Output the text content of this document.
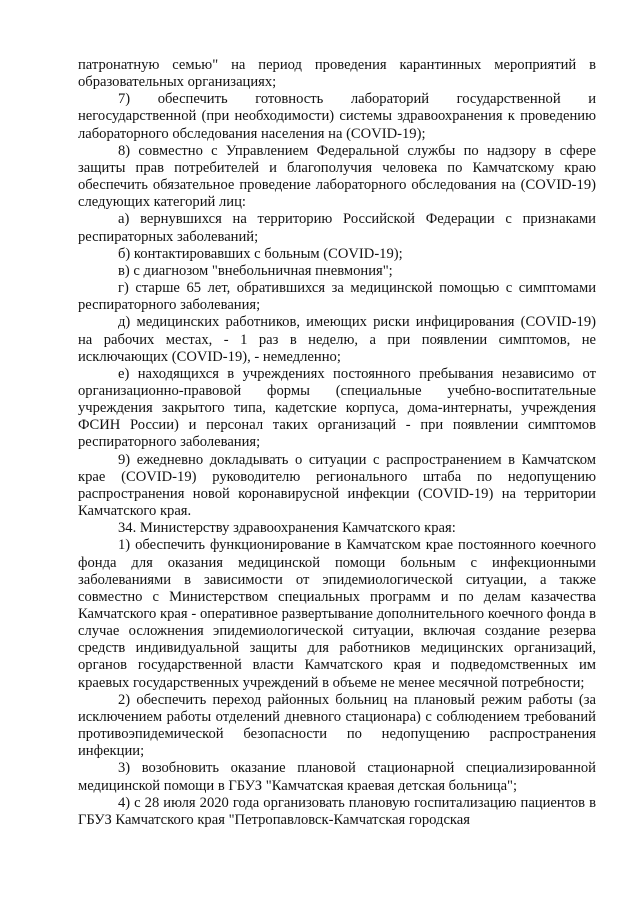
патронатную семью" на период проведения карантинных мероприятий в образовательных организациях;

7) обеспечить готовность лабораторий государственной и негосударственной (при необходимости) системы здравоохранения к проведению лабораторного обследования населения на (COVID-19);

8) совместно с Управлением Федеральной службы по надзору в сфере защиты прав потребителей и благополучия человека по Камчатскому краю обеспечить обязательное проведение лабораторного обследования на (COVID-19) следующих категорий лиц:

а) вернувшихся на территорию Российской Федерации с признаками респираторных заболеваний;

б) контактировавших с больным (COVID-19);

в) с диагнозом "внебольничная пневмония";

г) старше 65 лет, обратившихся за медицинской помощью с симптомами респираторного заболевания;

д) медицинских работников, имеющих риски инфицирования (COVID-19) на рабочих местах, - 1 раз в неделю, а при появлении симптомов, не исключающих (COVID-19), - немедленно;

е) находящихся в учреждениях постоянного пребывания независимо от организационно-правовой формы (специальные учебно-воспитательные учреждения закрытого типа, кадетские корпуса, дома-интернаты, учреждения ФСИН России) и персонал таких организаций - при появлении симптомов респираторного заболевания;

9) ежедневно докладывать о ситуации с распространением в Камчатском крае (COVID-19) руководителю регионального штаба по недопущению распространения новой коронавирусной инфекции (COVID-19) на территории Камчатского края.

34. Министерству здравоохранения Камчатского края:

1) обеспечить функционирование в Камчатском крае постоянного коечного фонда для оказания медицинской помощи больным с инфекционными заболеваниями в зависимости от эпидемиологической ситуации, а также совместно с Министерством специальных программ и по делам казачества Камчатского края - оперативное развертывание дополнительного коечного фонда в случае осложнения эпидемиологической ситуации, включая создание резерва средств индивидуальной защиты для работников медицинских организаций, органов государственной власти Камчатского края и подведомственных им краевых государственных учреждений в объеме не менее месячной потребности;

2) обеспечить переход районных больниц на плановый режим работы (за исключением работы отделений дневного стационара) с соблюдением требований противоэпидемической безопасности по недопущению распространения инфекции;

3) возобновить оказание плановой стационарной специализированной медицинской помощи в ГБУЗ "Камчатская краевая детская больница";

4) с 28 июля 2020 года организовать плановую госпитализацию пациентов в ГБУЗ Камчатского края "Петропавловск-Камчатская городская
